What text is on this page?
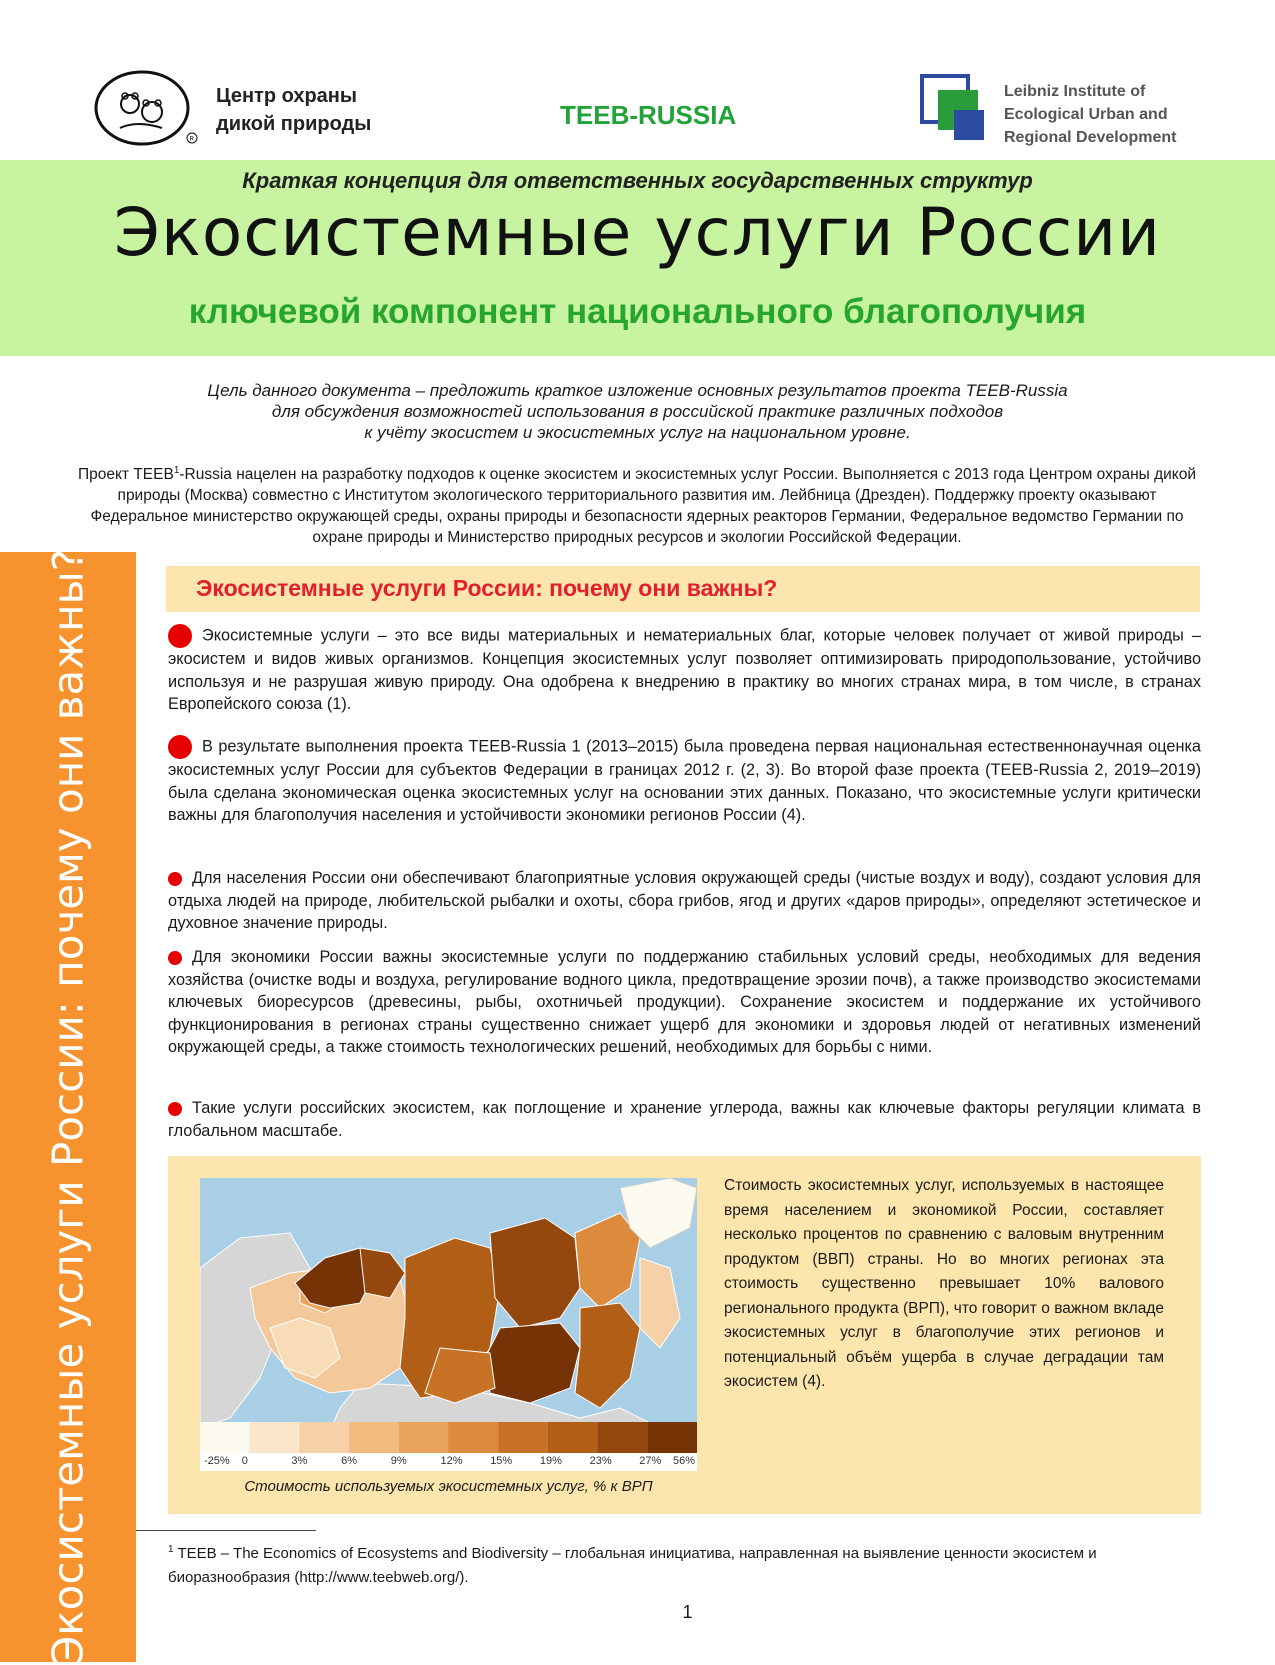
R
Центр охраны
дикой природы	TEEB-RUSSIA
Leibniz Institute of
Ecological Urban and
Regional Development
Краткая концепция для ответственных государственных структур
Экосистемные услуги России
ключевой компонент национального благополучия
Цель данного документа – предложить краткое изложение основных результатов проекта TEEB-Russia
для обсуждения возможностей использования в российской практике различных подходов
к учёту экосистем и экосистемных услуг на национальном уровне.
Проект TEEB$^1$-Russia нацелен на разработку подходов к оценке экосистем и экосистемных услуг России. Выполняется с 2013 года Центром охраны дикой природы (Москва) совместно с Институтом экологического территориального развития им. Лейбница (Дрезден). Поддержку проекту оказывают Федеральное министерство окружающей среды, охраны природы и безопасности ядерных реакторов Германии, Федеральное ведомство Германии по охране природы и Министерство природных ресурсов и экологии Российской Федерации.
Экосистемные услуги России: почему они важны?	Экосистемные услуги России: почему они важны?
Экосистемные услуги – это все виды материальных и нематериальных благ, которые человек получает от живой природы – экосистем и видов живых организмов. Концепция экосистемных услуг позволяет оптимизировать природопользование, устойчиво используя и не разрушая живую природу. Она одобрена к внедрению в практику во многих странах мира, в том числе, в странах Европейского союза (1).
В результате выполнения проекта TEEB-Russia 1 (2013–2015) была проведена первая национальная естественнонаучная оценка экосистемных услуг России для субъектов Федерации в границах 2012 г. (2, 3). Во второй фазе проекта (TEEB-Russia 2, 2019–2019) была сделана экономическая оценка экосистемных услуг на основании этих данных. Показано, что экосистемные услуги критически важны для благополучия населения и устойчивости экономики регионов России (4).
Для населения России они обеспечивают благоприятные условия окружающей среды (чистые воздух и воду), создают условия для отдыха людей на природе, любительской рыбалки и охоты, сбора грибов, ягод и других «даров природы», определяют эстетическое и духовное значение природы.
Для экономики России важны экосистемные услуги по поддержанию стабильных условий среды, необходимых для ведения хозяйства (очистке воды и воздуха, регулирование водного цикла, предотвращение эрозии почв), а также производство экосистемами ключевых биоресурсов (древесины, рыбы, охотничьей продукции). Сохранение экосистем и поддержание их устойчивого функционирования в регионах страны существенно снижает ущерб для экономики и здоровья людей от негативных изменений окружающей среды, а также стоимость технологических решений, необходимых для борьбы с ними.
Такие услуги российских экосистем, как поглощение и хранение углерода, важны как ключевые факторы регуляции климата в глобальном масштабе.
-25% 0	3%	6%	9%	12%	15%	19%	23%	27% 56%
Стоимость используемых экосистемных услуг, % к ВРП
Стоимость экосистемных услуг, используемых в настоящее время населением и экономикой России, составляет несколько процентов по сравнению с валовым внутренним продуктом (ВВП) страны. Но во многих регионах эта стоимость существенно превышает 10% валового регионального продукта (ВРП), что говорит о важном вкладе экосистемных услуг в благополучие этих регионов и потенциальный объём ущерба в случае деградации там экосистем (4).
$^1$ TEEB – The Economics of Ecosystems and Biodiversity – глобальная инициатива, направленная на выявление ценности экосистем и биоразнообразия (http://www.teebweb.org/).
1
